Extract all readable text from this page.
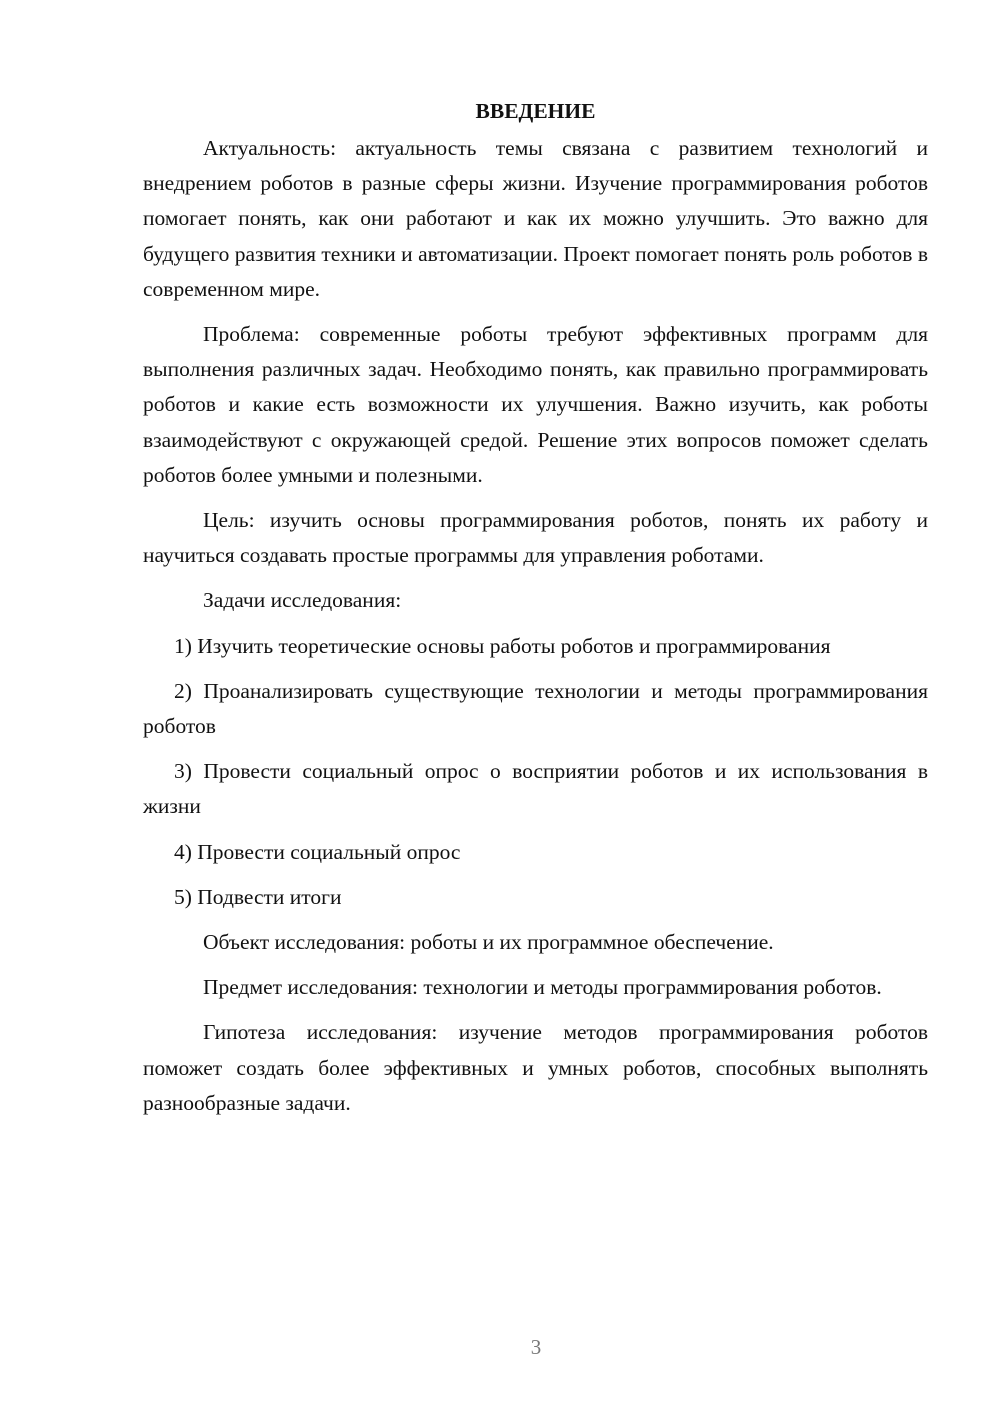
ВВЕДЕНИЕ

Актуальность: актуальность темы связана с развитием технологий и внедрением роботов в разные сферы жизни. Изучение программирования роботов помогает понять, как они работают и как их можно улучшить. Это важно для будущего развития техники и автоматизации. Проект помогает понять роль роботов в современном мире.

Проблема: современные роботы требуют эффективных программ для выполнения различных задач. Необходимо понять, как правильно программировать роботов и какие есть возможности их улучшения. Важно изучить, как роботы взаимодействуют с окружающей средой. Решение этих вопросов поможет сделать роботов более умными и полезными.

Цель: изучить основы программирования роботов, понять их работу и научиться создавать простые программы для управления роботами.

Задачи исследования:

1) Изучить теоретические основы работы роботов и программирования

2) Проанализировать существующие технологии и методы программирования роботов

3) Провести социальный опрос о восприятии роботов и их использования в жизни

4) Провести социальный опрос

5) Подвести итоги

Объект исследования: роботы и их программное обеспечение.

Предмет исследования: технологии и методы программирования роботов.

Гипотеза исследования: изучение методов программирования роботов поможет создать более эффективных и умных роботов, способных выполнять разнообразные задачи.

3
